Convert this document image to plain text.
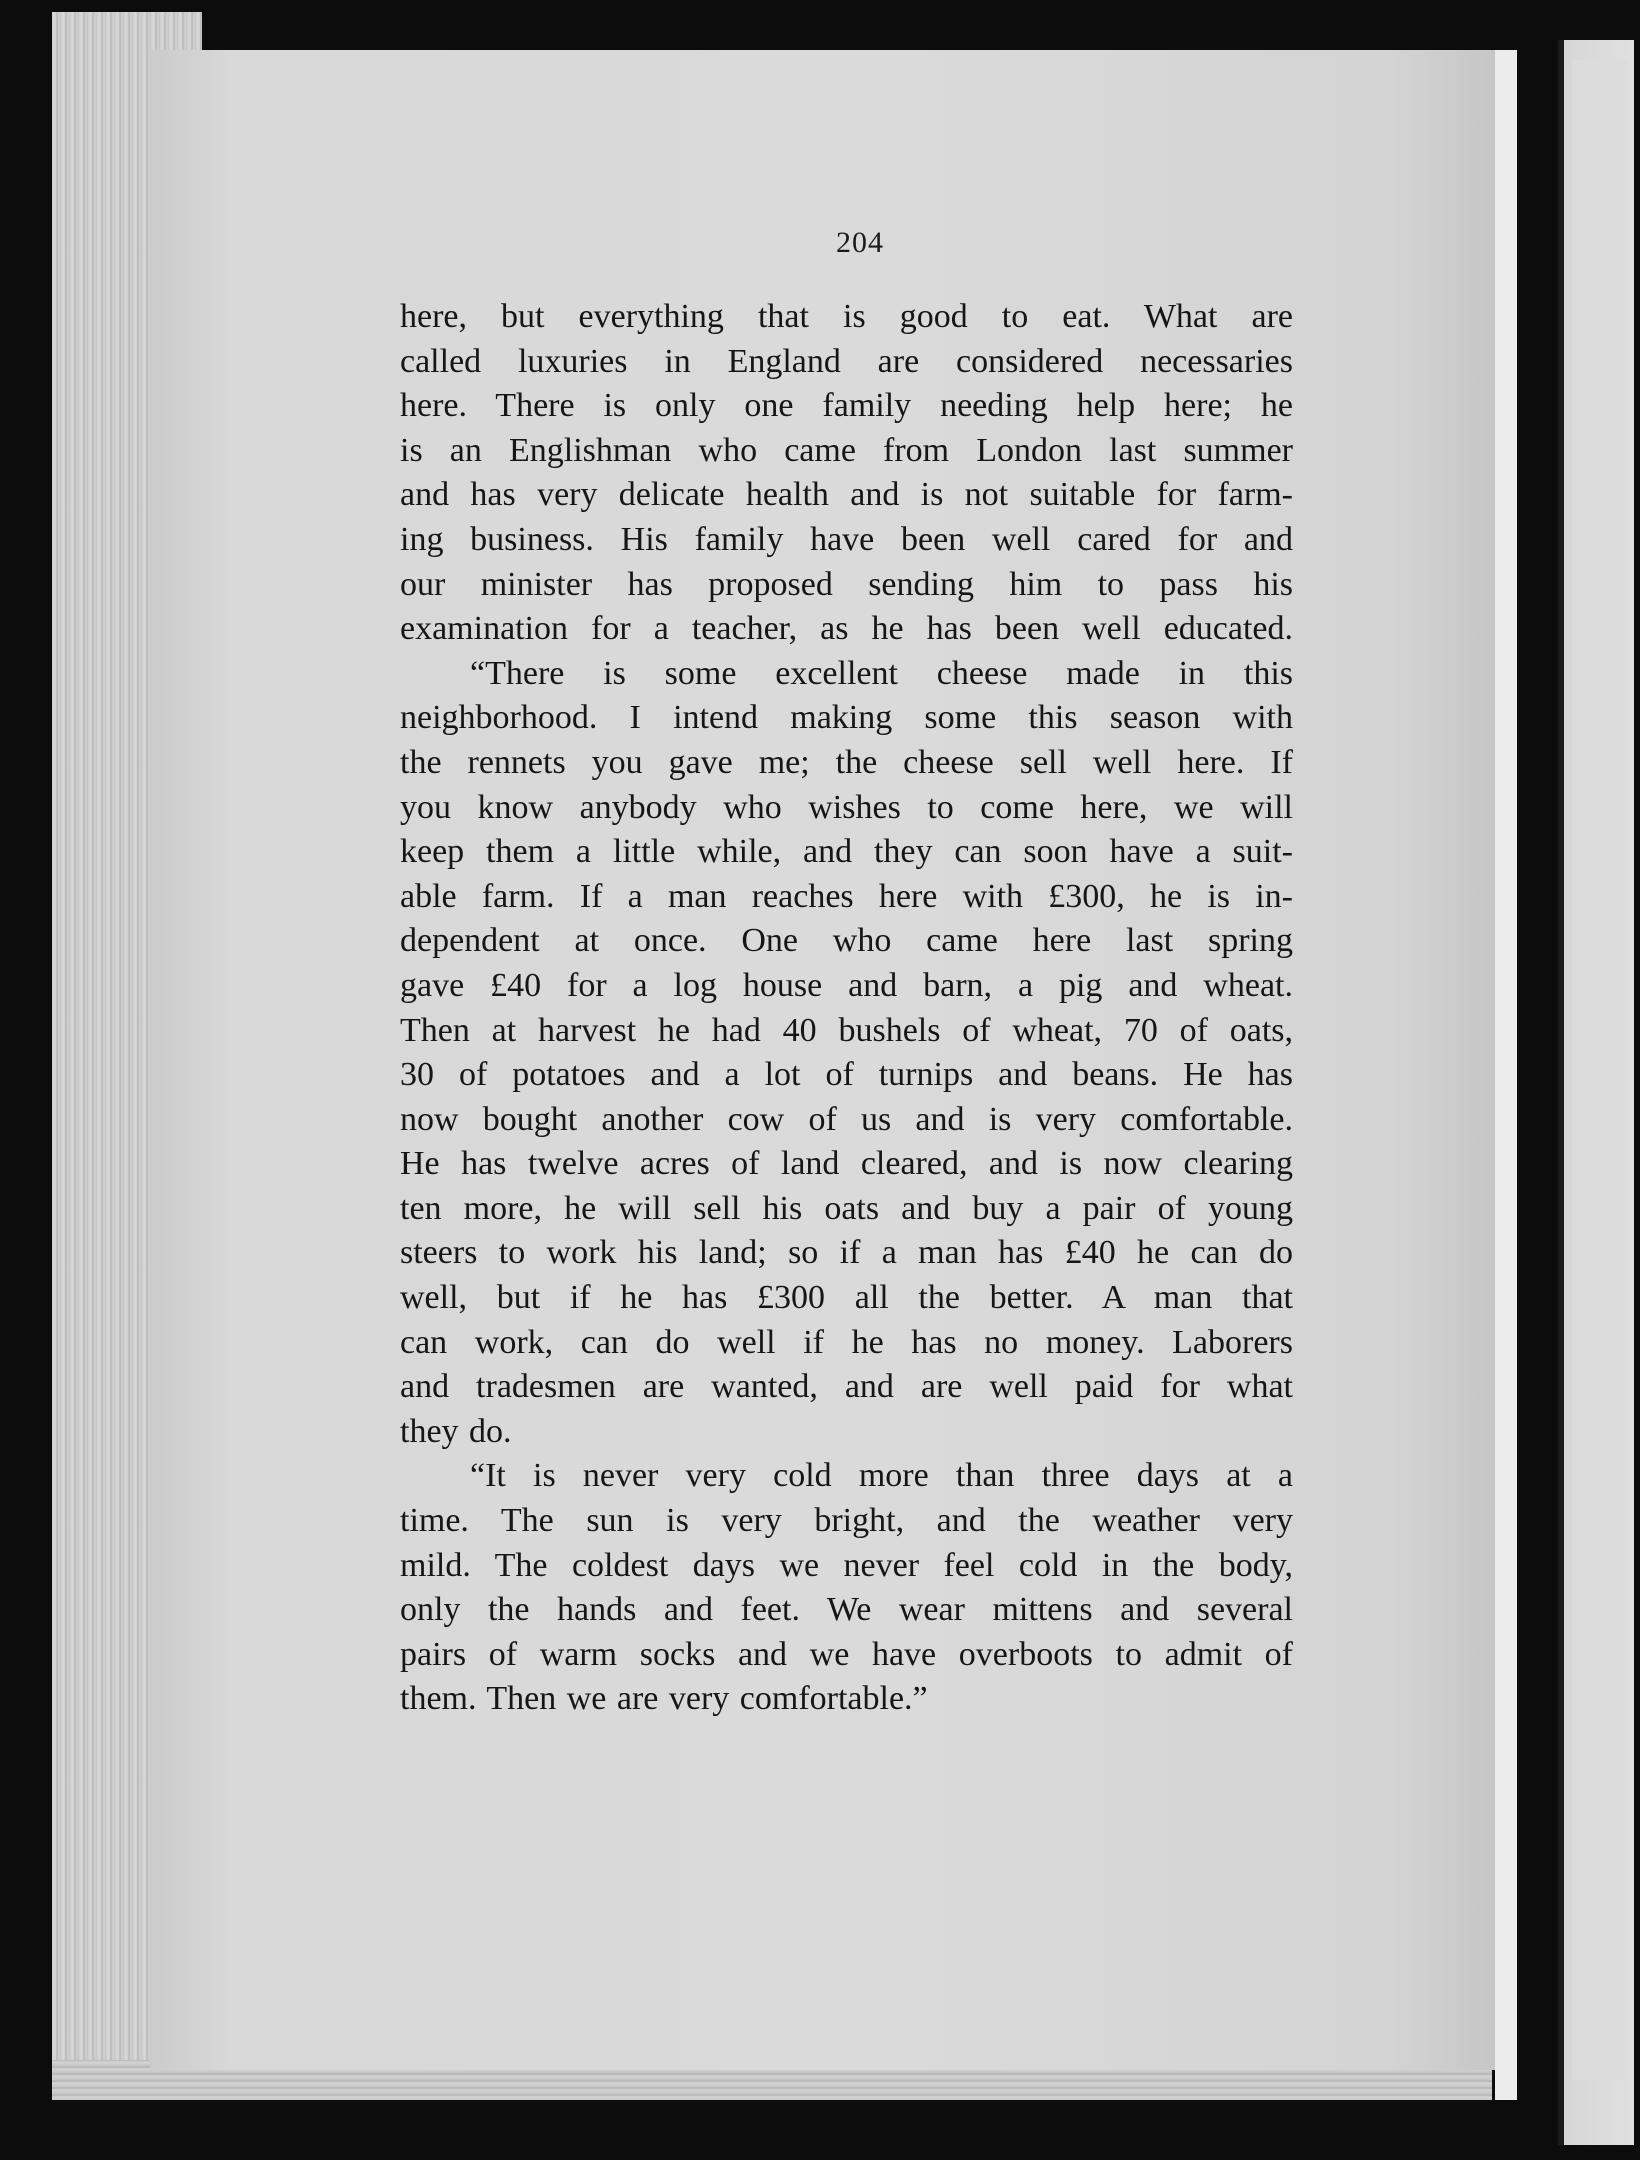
204
here, but everything that is good to eat. What are
called luxuries in England are considered necessaries
here. There is only one family needing help here; he
is an Englishman who came from London last summer
and has very delicate health and is not suitable for farm-
ing business. His family have been well cared for and
our minister has proposed sending him to pass his
examination for a teacher, as he has been well educated.
“There is some excellent cheese made in this
neighborhood. I intend making some this season with
the rennets you gave me; the cheese sell well here. If
you know anybody who wishes to come here, we will
keep them a little while, and they can soon have a suit-
able farm. If a man reaches here with £300, he is in-
dependent at once. One who came here last spring
gave £40 for a log house and barn, a pig and wheat.
Then at harvest he had 40 bushels of wheat, 70 of oats,
30 of potatoes and a lot of turnips and beans. He has
now bought another cow of us and is very comfortable.
He has twelve acres of land cleared, and is now clearing
ten more, he will sell his oats and buy a pair of young
steers to work his land; so if a man has £40 he can do
well, but if he has £300 all the better. A man that
can work, can do well if he has no money. Laborers
and tradesmen are wanted, and are well paid for what
they do.
“It is never very cold more than three days at a
time. The sun is very bright, and the weather very
mild. The coldest days we never feel cold in the body,
only the hands and feet. We wear mittens and several
pairs of warm socks and we have overboots to admit of
them. Then we are very comfortable.”
